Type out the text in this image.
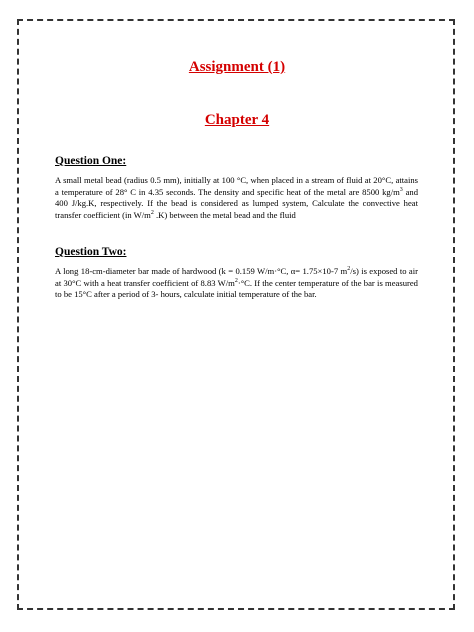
Assignment (1)
Chapter 4
Question One:

A small metal bead (radius 0.5 mm), initially at 100 °C, when placed in a stream of fluid at 20°C, attains a temperature of 28° C in 4.35 seconds. The density and specific heat of the metal are 8500 $kg/m^3$ and 400 J/kg.K, respectively. If the bead is considered as lumped system, Calculate the convective heat transfer coefficient (in $W/m^2$ .K) between the metal bead and the fluid

Question Two:

A long 18-cm-diameter bar made of hardwood (k = 0.159 W/m·°C, α= 1.75×10-7 $m^2/s$) is exposed to air at 30°C with a heat transfer coefficient of 8.83 $W/m^2\cdot^\circ C$. If the center temperature of the bar is measured to be 15°C after a period of 3- hours, calculate initial temperature of the bar.
